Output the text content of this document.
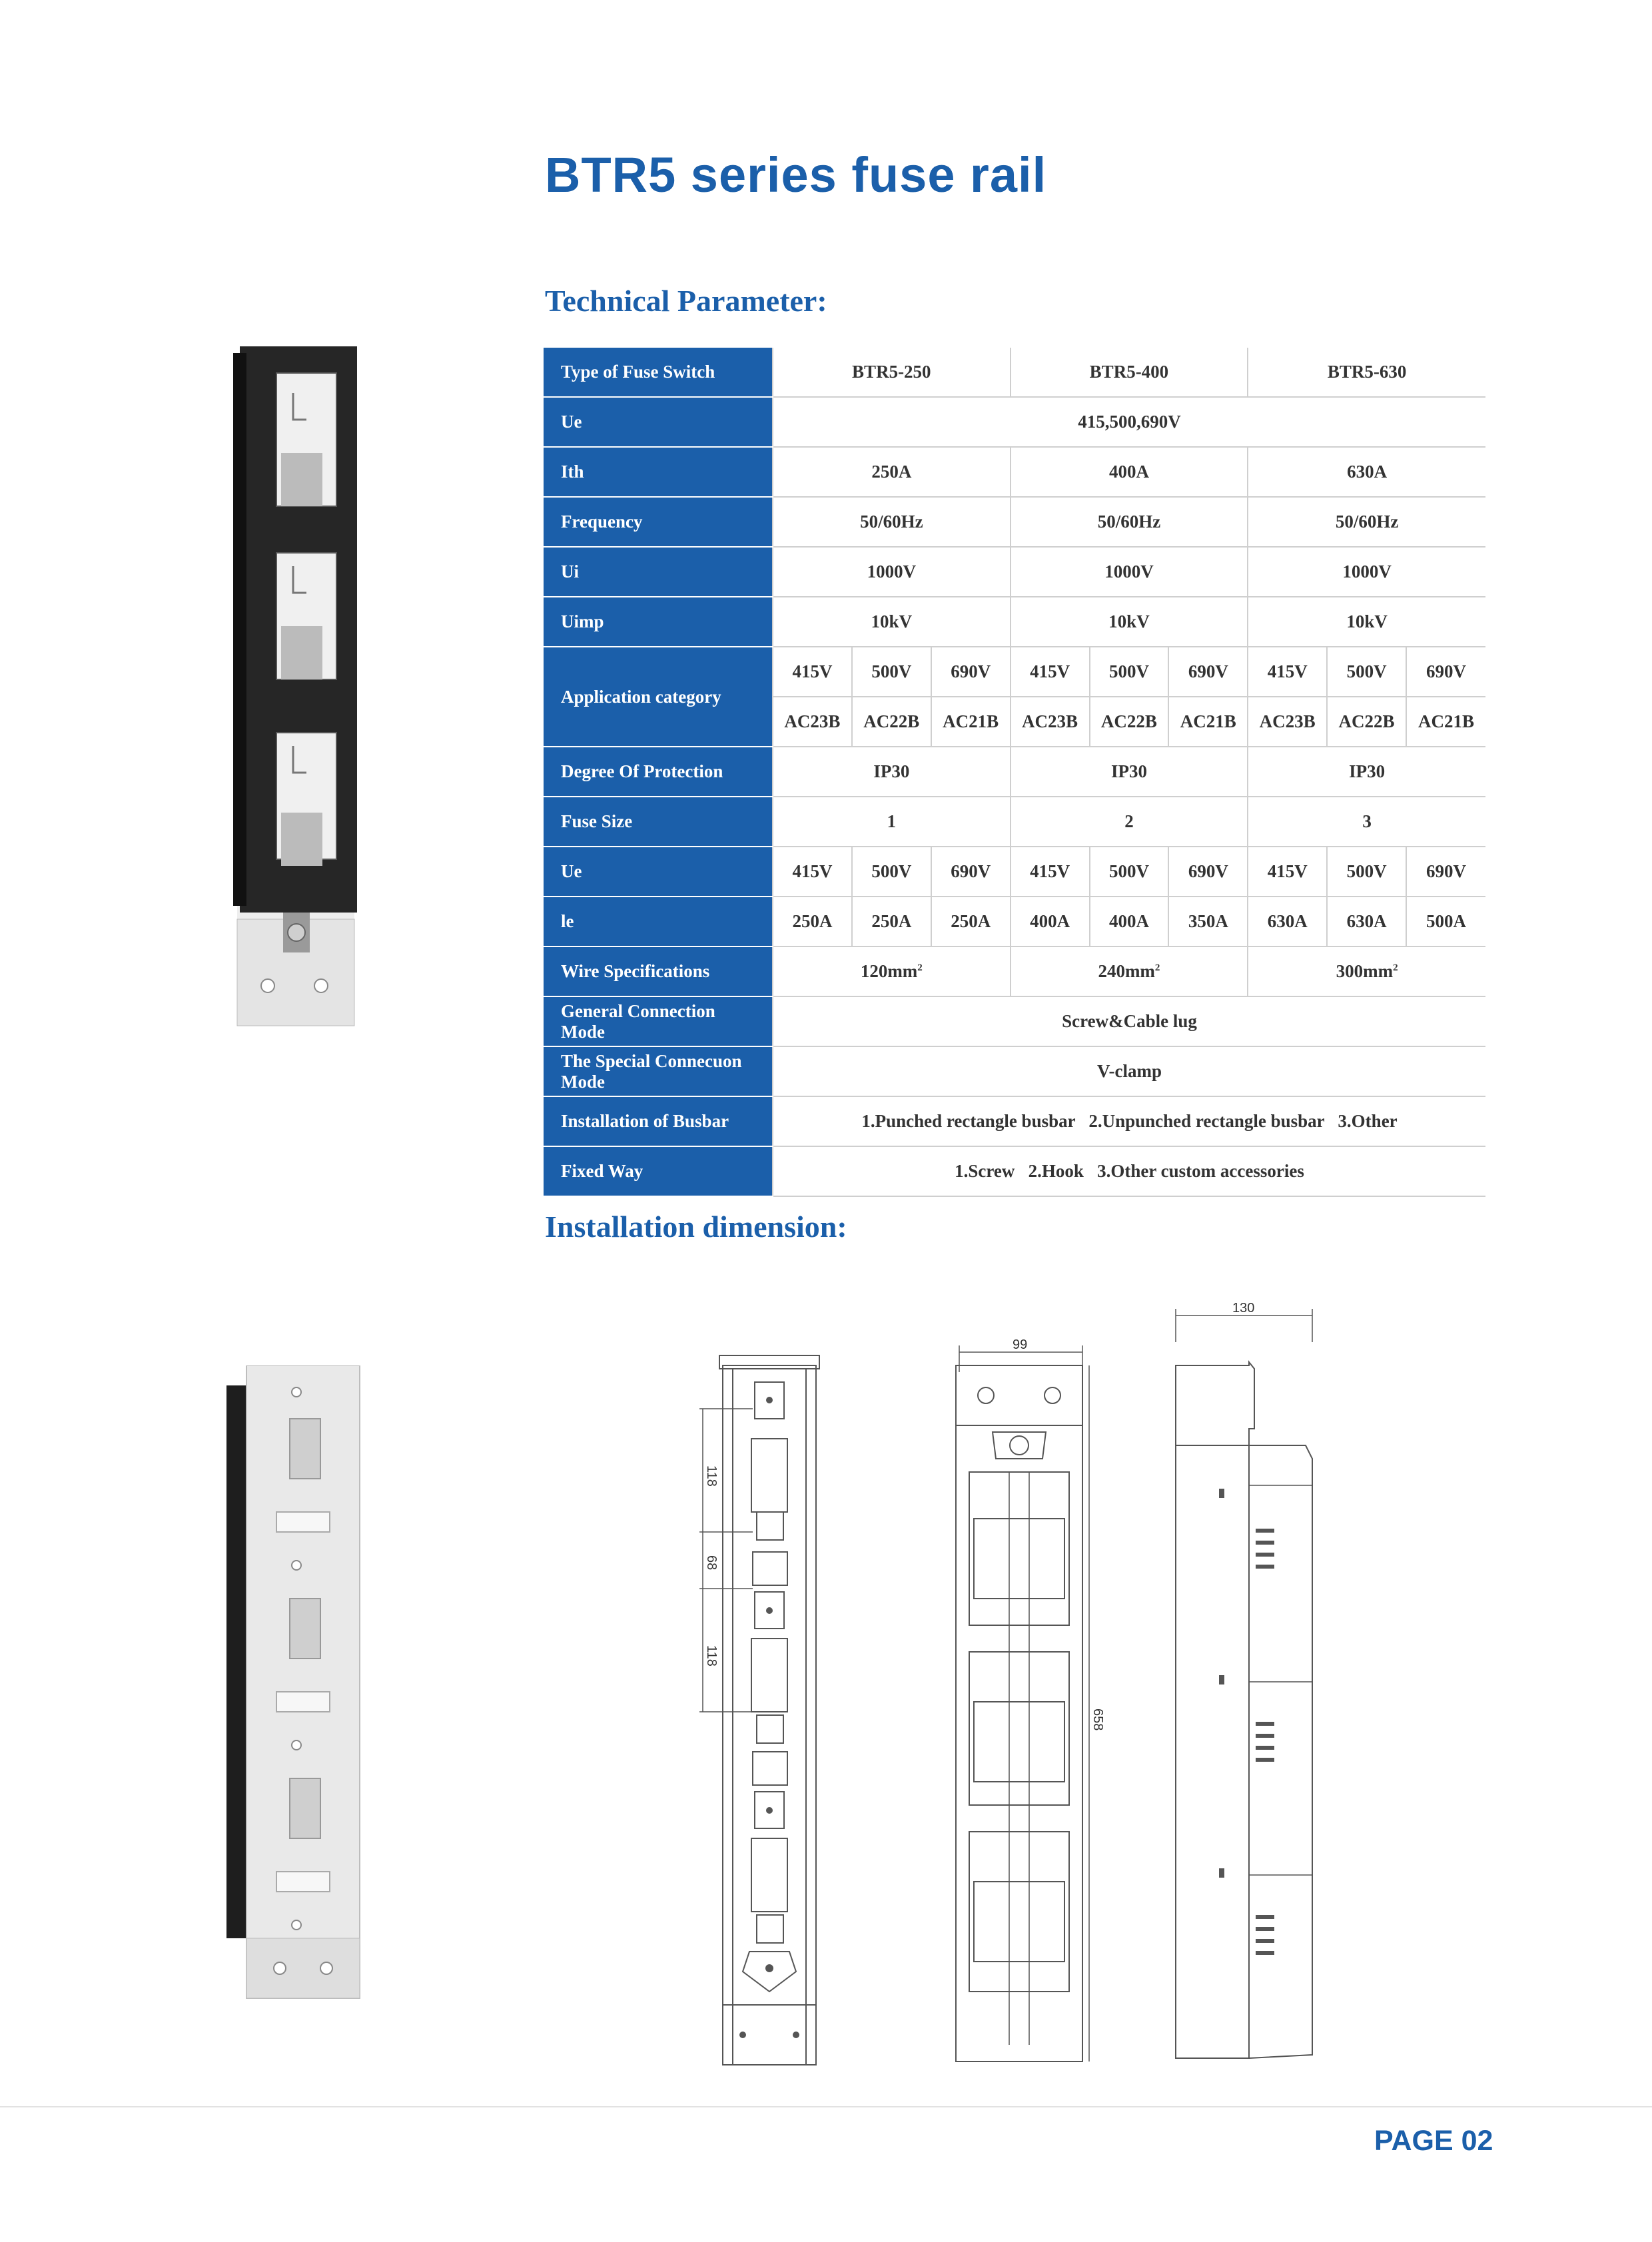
BTR5 series fuse rail
Technical Parameter:
Type of Fuse Switch	BTR5-250			BTR5-400			BTR5-630		
Ue	415,500,690V								
Ith	250A			400A			630A		
Frequency	50/60Hz			50/60Hz			50/60Hz		
Ui	1000V			1000V			1000V		
Uimp	10kV			10kV			10kV		
Application category	415V	500V	690V	415V	500V	690V	415V	500V	690V
	AC23B	AC22B	AC21B	AC23B	AC22B	AC21B	AC23B	AC22B	AC21B
Degree Of Protection	IP30			IP30			IP30		
Fuse Size	1			2			3		
Ue	415V	500V	690V	415V	500V	690V	415V	500V	690V
le	250A	250A	250A	400A	400A	350A	630A	630A	500A
Wire Specifications	$120mm^2$			$240mm^2$			$300mm^2$
General Connection
Mode	Screw&Cable lug								
The Special Connecuon
Mode	V-clamp								
Installation of Busbar	1.Punched rectangle busbar   2.Unpunched rectangle busbar   3.Other								
Fixed Way	1.Screw   2.Hook   3.Other custom accessories								
Installation dimension:
118
68
118
99
658
130
PAGE 02
